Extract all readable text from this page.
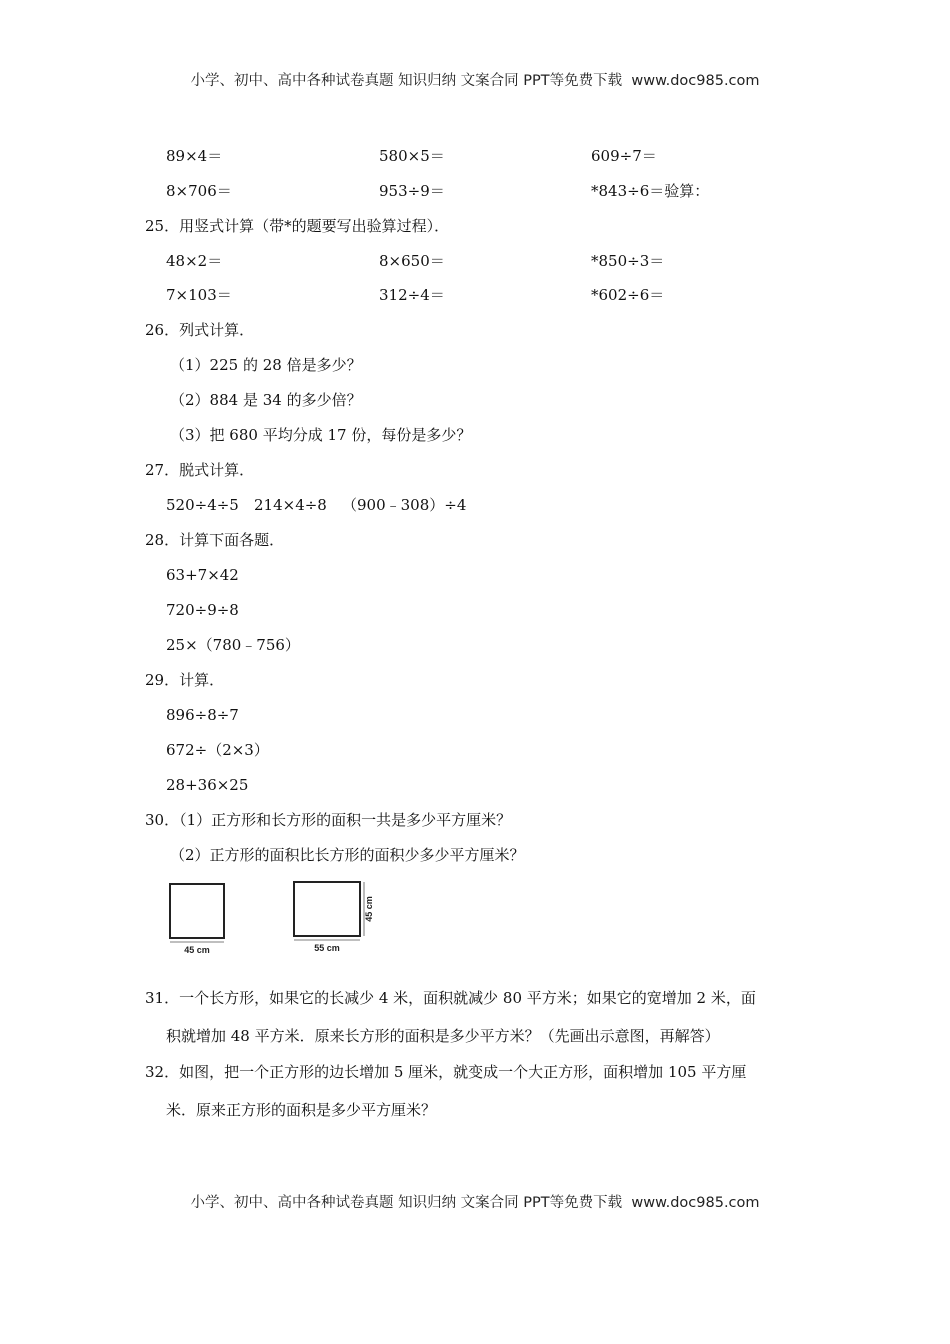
小学、初中、高中各种试卷真题 知识归纳 文案合同 PPT等免费下载 www.doc985.com
89×4＝	580×5＝	609÷7＝
8×706＝	953÷9＝	*843÷6＝验算：
25．用竖式计算（带*的题要写出验算过程）．
48×2＝	8×650＝	*850÷3＝
7×103＝	312÷4＝	*602÷6＝
26．列式计算．
（1）225 的 28 倍是多少？
（2）884 是 34 的多少倍？
（3）把 680 平均分成 17 份，每份是多少？
27．脱式计算．
520÷4÷5 214×4÷8 （900﹣308）÷4
28．计算下面各题．
63+7×42
720÷9÷8
25×（780﹣756）
29．计算．
896÷8÷7
672÷（2×3）
28+36×25
30．（1）正方形和长方形的面积一共是多少平方厘米？
（2）正方形的面积比长方形的面积少多少平方厘米？
45 cm	55 cm
45 cm
31．一个长方形，如果它的长减少 4 米，面积就减少 80 平方米；如果它的宽增加 2 米，面
积就增加 48 平方米．原来长方形的面积是多少平方米？（先画出示意图，再解答）
32．如图，把一个正方形的边长增加 5 厘米，就变成一个大正方形，面积增加 105 平方厘
米．原来正方形的面积是多少平方厘米？
小学、初中、高中各种试卷真题 知识归纳 文案合同 PPT等免费下载 www.doc985.com
